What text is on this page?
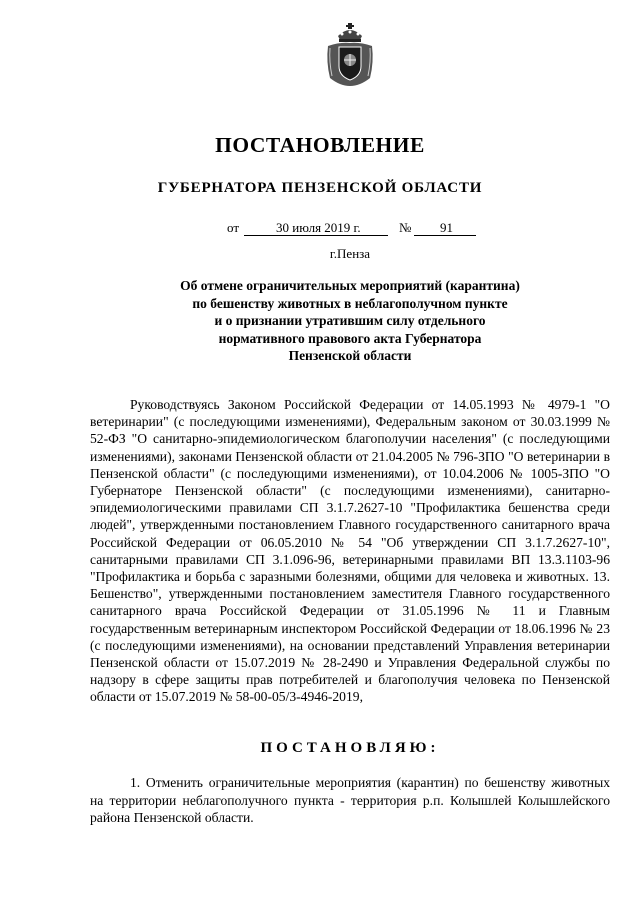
ПОСТАНОВЛЕНИЕ
ГУБЕРНАТОРА ПЕНЗЕНСКОЙ ОБЛАСТИ
от	30 июля 2019 г.	№ 91
г.Пенза
Об отмене ограничительных мероприятий (карантина)
по бешенству животных в неблагополучном пункте
и о признании утратившим силу отдельного
нормативного правового акта Губернатора
Пензенской области

Руководствуясь Законом Российской Федерации от 14.05.1993 № 4979-1 "О ветеринарии" (с последующими изменениями), Федеральным законом от 30.03.1999 № 52-ФЗ "О санитарно-эпидемиологическом благополучии населения" (с последующими изменениями), законами Пензенской области от 21.04.2005 № 796-ЗПО "О ветеринарии в Пензенской области" (с последующими изменениями), от 10.04.2006 № 1005-ЗПО "О Губернаторе Пензенской области" (с последующими изменениями), санитарно-эпидемиологическими правилами СП 3.1.7.2627-10 "Профилактика бешенства среди людей", утвержденными постановлением Главного государственного санитарного врача Российской Федерации от 06.05.2010 № 54 "Об утверждении СП 3.1.7.2627-10", санитарными правилами СП 3.1.096-96, ветеринарными правилами ВП 13.3.1103-96 "Профилактика и борьба с заразными болезнями, общими для человека и животных. 13. Бешенство", утвержденными постановлением заместителя Главного государственного санитарного врача Российской Федерации от 31.05.1996 № 11 и Главным государственным ветеринарным инспектором Российской Федерации от 18.06.1996 № 23 (с последующими изменениями), на основании представлений Управления ветеринарии Пензенской области от 15.07.2019 № 28-2490 и Управления Федеральной службы по надзору в сфере защиты прав потребителей и благополучия человека по Пензенской области от 15.07.2019 № 58-00-05/3-4946-2019,

ПОСТАНОВЛЯЮ:

1. Отменить ограничительные мероприятия (карантин) по бешенству животных на территории неблагополучного пункта - территория р.п. Колышлей Колышлейского района Пензенской области.
